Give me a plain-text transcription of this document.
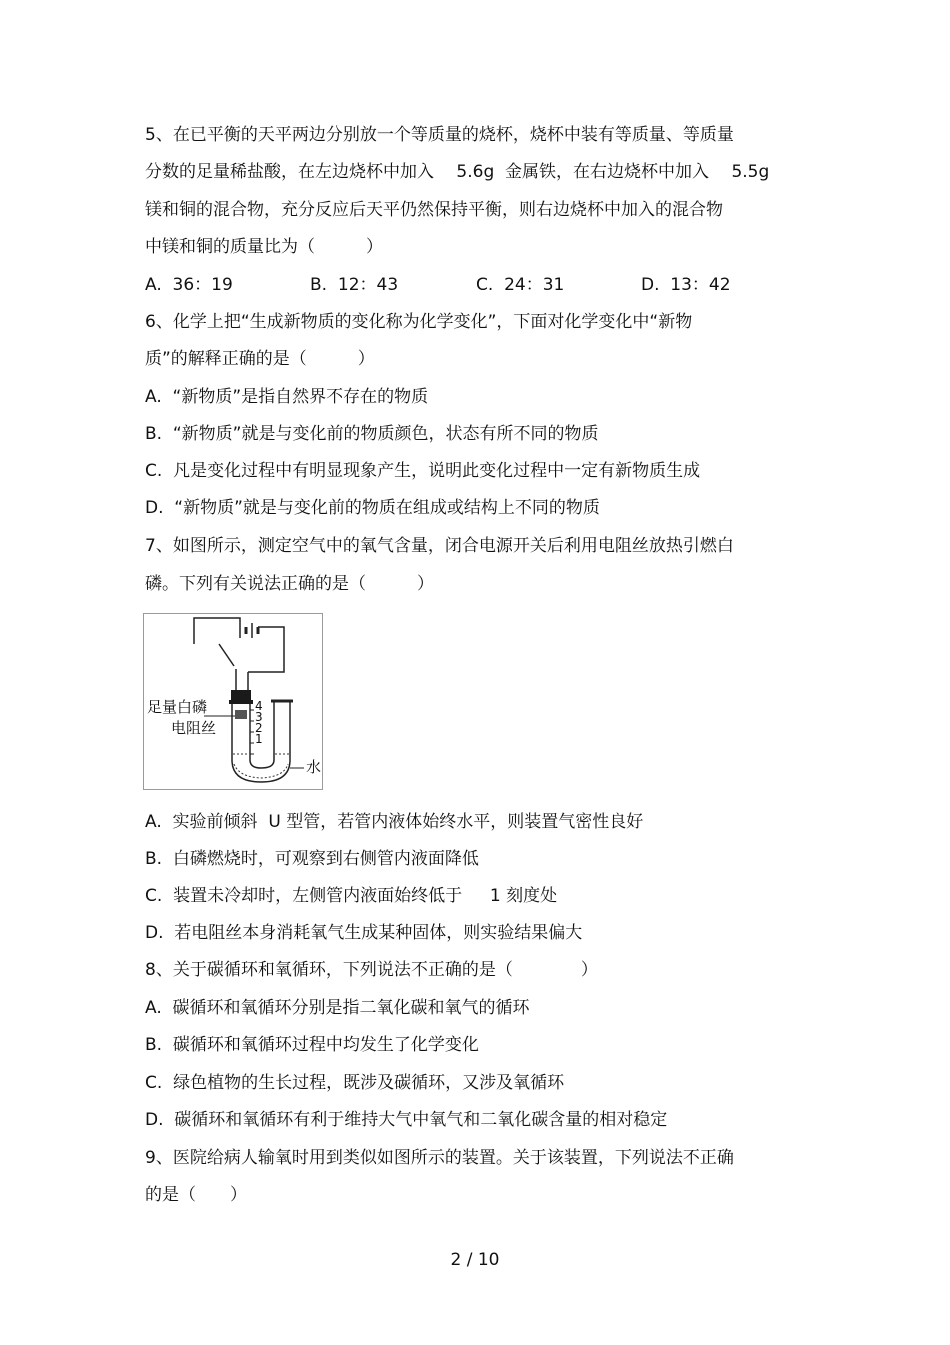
5、在已平衡的天平两边分别放一个等质量的烧杯，烧杯中装有等质量、等质量
分数的足量稀盐酸，在左边烧杯中加入　 5.6g  金属铁，在右边烧杯中加入　 5.5g
镁和铜的混合物，充分反应后天平仍然保持平衡，则右边烧杯中加入的混合物
中镁和铜的质量比为（　　　）
A.  36：19	B.  12：43	C.  24：31	D.  13：42
6、化学上把“生成新物质的变化称为化学变化”，下面对化学变化中“新物
质”的解释正确的是（　　　）
A.  “新物质”是指自然界不存在的物质
B.  “新物质”就是与变化前的物质颜色，状态有所不同的物质
C.  凡是变化过程中有明显现象产生，说明此变化过程中一定有新物质生成
D.  “新物质”就是与变化前的物质在组成或结构上不同的物质
7、如图所示，测定空气中的氧气含量，闭合电源开关后利用电阻丝放热引燃白
磷。下列有关说法正确的是（　　　）
足量白磷
电阻丝
水
4
3
2
1
A.  实验前倾斜  U 型管，若管内液体始终水平，则装置气密性良好
B.  白磷燃烧时，可观察到右侧管内液面降低
C.  装置未冷却时，左侧管内液面始终低于　  1 刻度处
D.  若电阻丝本身消耗氧气生成某种固体，则实验结果偏大
8、关于碳循环和氧循环，下列说法不正确的是（　　　　）
A.  碳循环和氧循环分别是指二氧化碳和氧气的循环
B.  碳循环和氧循环过程中均发生了化学变化
C.  绿色植物的生长过程，既涉及碳循环，又涉及氧循环
D.  碳循环和氧循环有利于维持大气中氧气和二氧化碳含量的相对稳定
9、医院给病人输氧时用到类似如图所示的装置。关于该装置，下列说法不正确
的是（　　）
2 / 10
